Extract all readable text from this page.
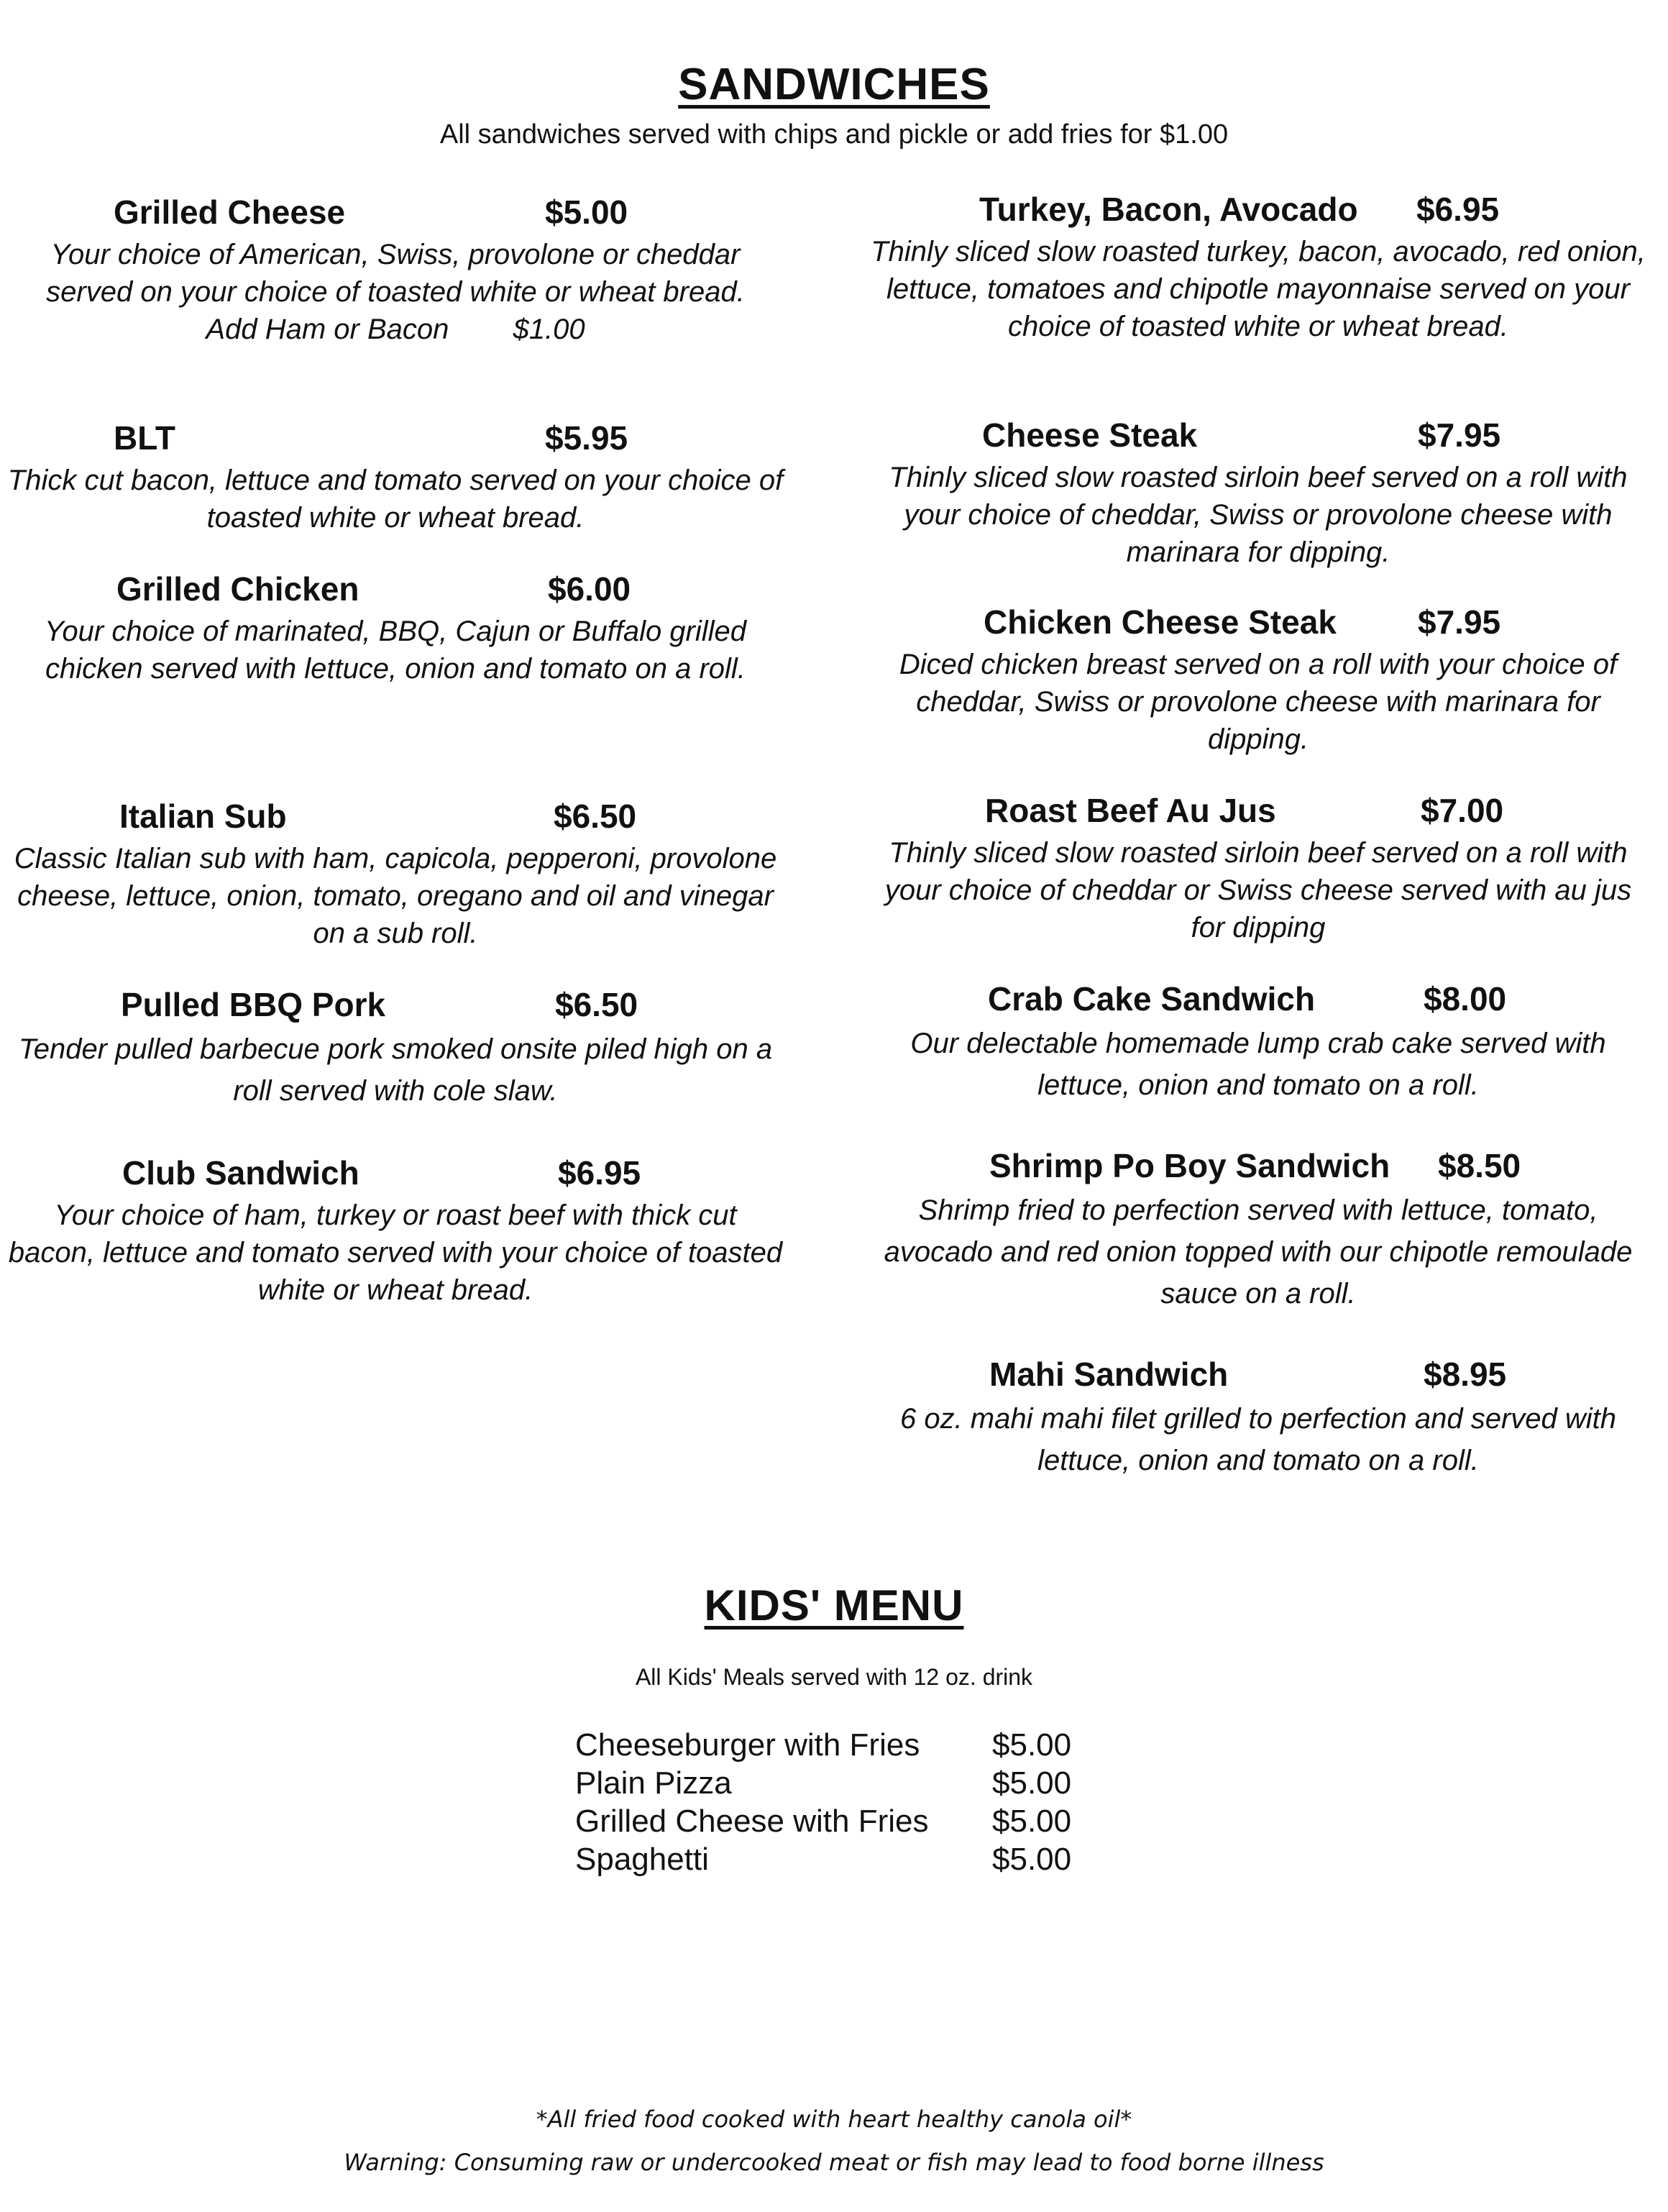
SANDWICHES
All sandwiches served with chips and pickle or add fries for $1.00
Grilled Cheese	$5.00
Your choice of American, Swiss, provolone or cheddar served on your choice of toasted white or wheat bread.
Add Ham or Bacon $1.00
BLT	$5.95
Thick cut bacon, lettuce and tomato served on your choice of toasted white or wheat bread.
Grilled Chicken	$6.00
Your choice of marinated, BBQ, Cajun or Buffalo grilled chicken served with lettuce, onion and tomato on a roll.
Italian Sub	$6.50
Classic Italian sub with ham, capicola, pepperoni, provolone cheese, lettuce, onion, tomato, oregano and oil and vinegar on a sub roll.
Pulled BBQ Pork	$6.50
Tender pulled barbecue pork smoked onsite piled high on a roll served with cole slaw.
Club Sandwich	$6.95
Your choice of ham, turkey or roast beef with thick cut bacon, lettuce and tomato served with your choice of toasted white or wheat bread.
Turkey, Bacon, Avocado $6.95
Thinly sliced slow roasted turkey, bacon, avocado, red onion, lettuce, tomatoes and chipotle mayonnaise served on your choice of toasted white or wheat bread.
Cheese Steak	$7.95
Thinly sliced slow roasted sirloin beef served on a roll with your choice of cheddar, Swiss or provolone cheese with marinara for dipping.
Chicken Cheese Steak $7.95
Diced chicken breast served on a roll with your choice of cheddar, Swiss or provolone cheese with marinara for dipping.
Roast Beef Au Jus	$7.00
Thinly sliced slow roasted sirloin beef served on a roll with your choice of cheddar or Swiss cheese served with au jus for dipping
Crab Cake Sandwich	$8.00
Our delectable homemade lump crab cake served with lettuce, onion and tomato on a roll.
Shrimp Po Boy Sandwich $8.50
Shrimp fried to perfection served with lettuce, tomato, avocado and red onion topped with our chipotle remoulade sauce on a roll.
Mahi Sandwich	$8.95
6 oz. mahi mahi filet grilled to perfection and served with lettuce, onion and tomato on a roll.
KIDS' MENU
All Kids' Meals served with 12 oz. drink
Cheeseburger with Fries $5.00
Plain Pizza	$5.00
Grilled Cheese with Fries $5.00
Spaghetti	$5.00
*All fried food cooked with heart healthy canola oil*
Warning: Consuming raw or undercooked meat or fish may lead to food borne illness
